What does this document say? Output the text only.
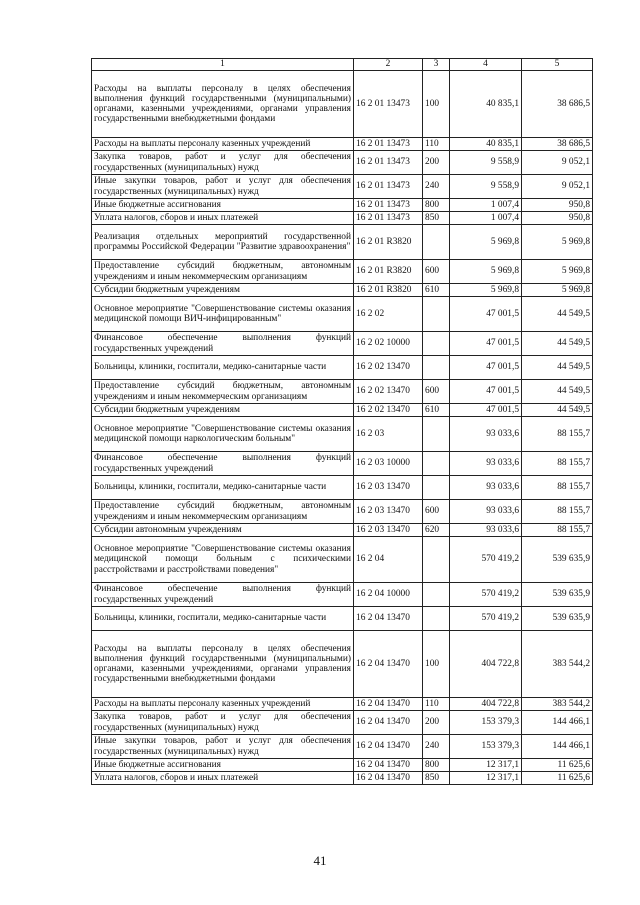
1	2	3	4	5
Расходы на выплаты персоналу в целях обеспечения выполнения функций государственными (муниципальными) органами, казенными учреждениями, органами управления государственными внебюджетными фондами	16 2 01 13473	100	40 835,1	38 686,5
Расходы на выплаты персоналу казенных учреждений	16 2 01 13473	110	40 835,1	38 686,5
Закупка товаров, работ и услуг для обеспечения государственных (муниципальных) нужд	16 2 01 13473	200	9 558,9	9 052,1
Иные закупки товаров, работ и услуг для обеспечения государственных (муниципальных) нужд	16 2 01 13473	240	9 558,9	9 052,1
Иные бюджетные ассигнования	16 2 01 13473	800	1 007,4	950,8
Уплата налогов, сборов и иных платежей	16 2 01 13473	850	1 007,4	950,8
Реализация отдельных мероприятий государственной программы Российской Федерации "Развитие здравоохранения"	16 2 01 R3820		5 969,8	5 969,8
Предоставление субсидий бюджетным, автономным учреждениям и иным некоммерческим организациям	16 2 01 R3820	600	5 969,8	5 969,8
Субсидии бюджетным учреждениям	16 2 01 R3820	610	5 969,8	5 969,8
Основное мероприятие "Совершенствование системы оказания медицинской помощи ВИЧ-инфицированным"	16 2 02		47 001,5	44 549,5
Финансовое обеспечение выполнения функций государственных учреждений	16 2 02 10000		47 001,5	44 549,5
Больницы, клиники, госпитали, медико-санитарные части	16 2 02 13470		47 001,5	44 549,5
Предоставление субсидий бюджетным, автономным учреждениям и иным некоммерческим организациям	16 2 02 13470	600	47 001,5	44 549,5
Субсидии бюджетным учреждениям	16 2 02 13470	610	47 001,5	44 549,5
Основное мероприятие "Совершенствование системы оказания медицинской помощи наркологическим больным"	16 2 03		93 033,6	88 155,7
Финансовое обеспечение выполнения функций государственных учреждений	16 2 03 10000		93 033,6	88 155,7
Больницы, клиники, госпитали, медико-санитарные части	16 2 03 13470		93 033,6	88 155,7
Предоставление субсидий бюджетным, автономным учреждениям и иным некоммерческим организациям	16 2 03 13470	600	93 033,6	88 155,7
Субсидии автономным учреждениям	16 2 03 13470	620	93 033,6	88 155,7
Основное мероприятие "Совершенствование системы оказания медицинской помощи больным с психическими расстройствами и расстройствами поведения"	16 2 04		570 419,2	539 635,9
Финансовое обеспечение выполнения функций государственных учреждений	16 2 04 10000		570 419,2	539 635,9
Больницы, клиники, госпитали, медико-санитарные части	16 2 04 13470		570 419,2	539 635,9
Расходы на выплаты персоналу в целях обеспечения выполнения функций государственными (муниципальными) органами, казенными учреждениями, органами управления государственными внебюджетными фондами	16 2 04 13470	100	404 722,8	383 544,2
Расходы на выплаты персоналу казенных учреждений	16 2 04 13470	110	404 722,8	383 544,2
Закупка товаров, работ и услуг для обеспечения государственных (муниципальных) нужд	16 2 04 13470	200	153 379,3	144 466,1
Иные закупки товаров, работ и услуг для обеспечения государственных (муниципальных) нужд	16 2 04 13470	240	153 379,3	144 466,1
Иные бюджетные ассигнования	16 2 04 13470	800	12 317,1	11 625,6
Уплата налогов, сборов и иных платежей	16 2 04 13470	850	12 317,1	11 625,6
41
